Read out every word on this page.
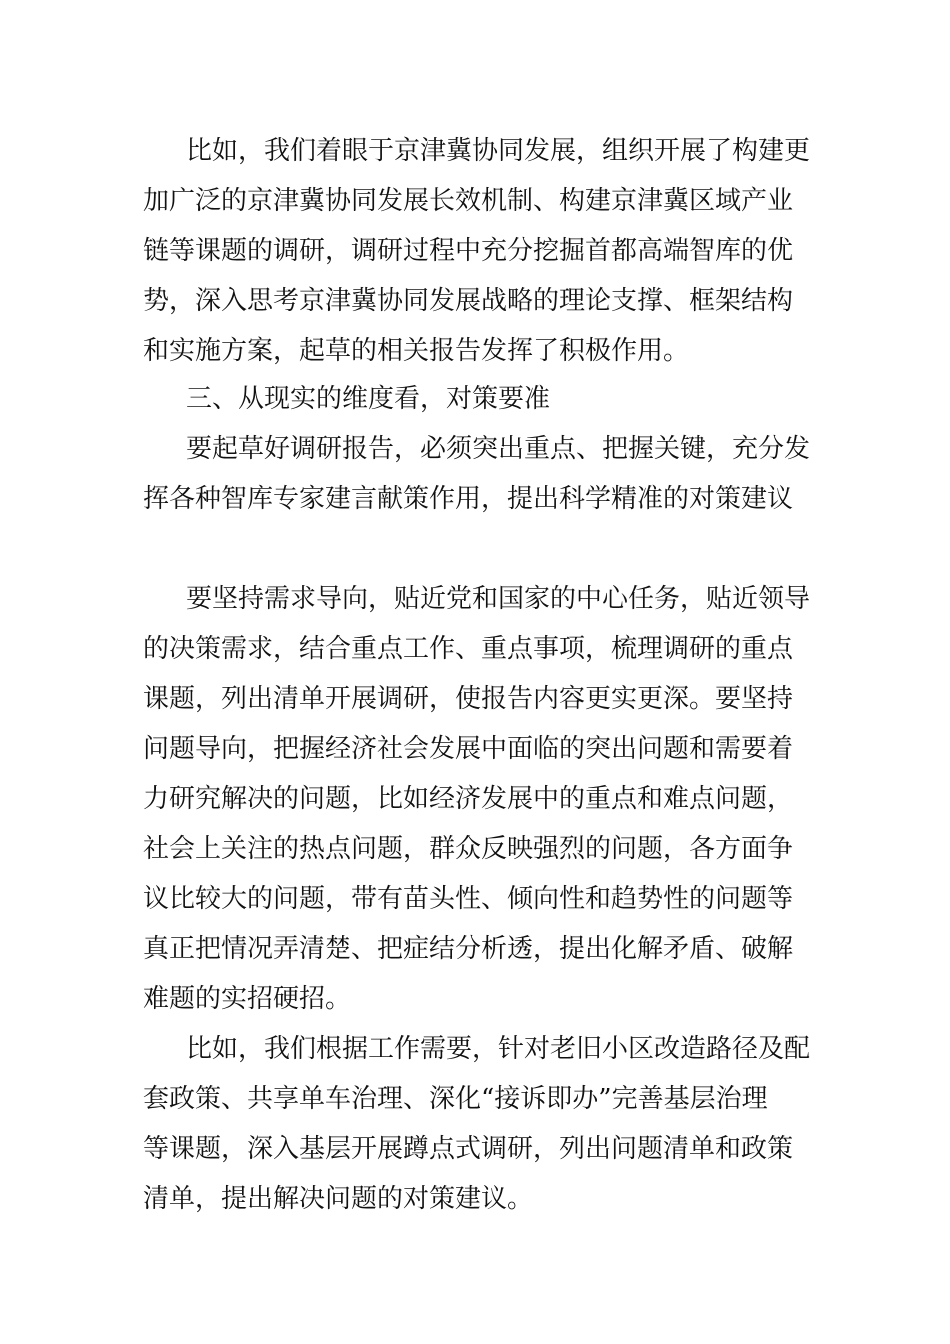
比如，我们着眼于京津冀协同发展，组织开展了构建更

加广泛的京津冀协同发展长效机制、构建京津冀区域产业

链等课题的调研，调研过程中充分挖掘首都高端智库的优

势，深入思考京津冀协同发展战略的理论支撑、框架结构

和实施方案，起草的相关报告发挥了积极作用。

三、从现实的维度看，对策要准

要起草好调研报告，必须突出重点、把握关键，充分发

挥各种智库专家建言献策作用，提出科学精准的对策建议

要坚持需求导向，贴近党和国家的中心任务，贴近领导

的决策需求，结合重点工作、重点事项，梳理调研的重点

课题，列出清单开展调研，使报告内容更实更深。要坚持

问题导向，把握经济社会发展中面临的突出问题和需要着

力研究解决的问题，比如经济发展中的重点和难点问题，

社会上关注的热点问题，群众反映强烈的问题，各方面争

议比较大的问题，带有苗头性、倾向性和趋势性的问题等

真正把情况弄清楚、把症结分析透，提出化解矛盾、破解

难题的实招硬招。

比如，我们根据工作需要，针对老旧小区改造路径及配

套政策、共享单车治理、深化“接诉即办”完善基层治理

等课题，深入基层开展蹲点式调研，列出问题清单和政策

清单，提出解决问题的对策建议。
